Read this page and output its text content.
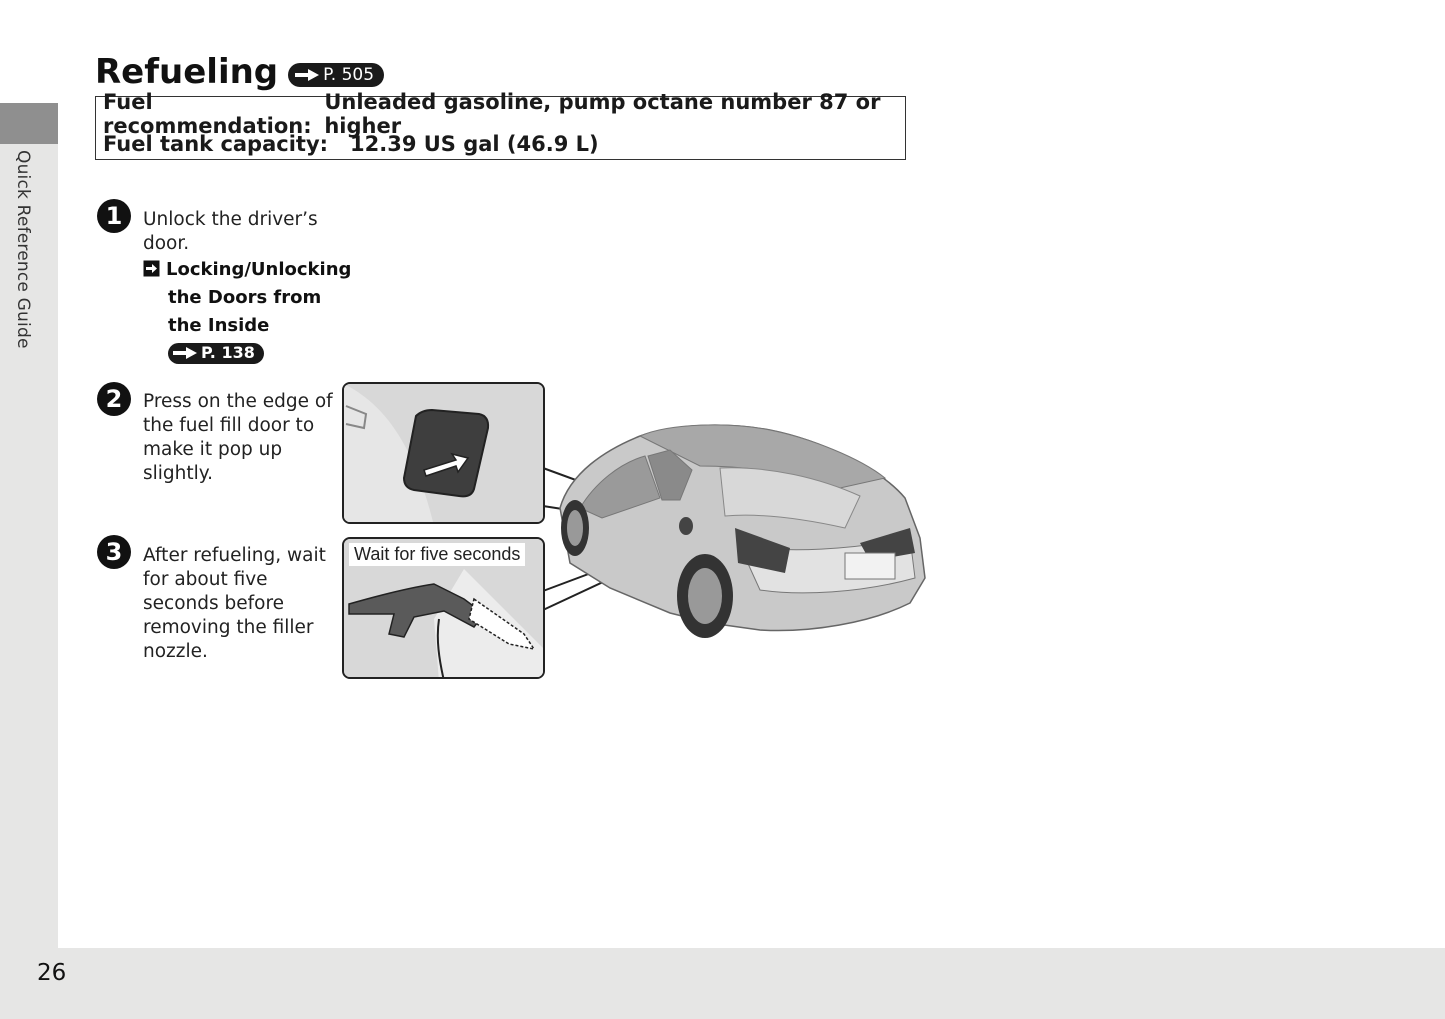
Quick Reference Guide
26
Refueling	P. 505
Fuel recommendation:
Unleaded gasoline, pump octane number 87 or higher
Fuel tank capacity:	12.39 US gal (46.9 L)
1	Unlock the driver’s
door.
Locking/Unlocking
the Doors from
the Inside
P. 138
2	Press on the edge of
the fuel fill door to
make it pop up
slightly.
3	After refueling, wait
for about five
seconds before
removing the filler
nozzle.
Wait for five seconds
